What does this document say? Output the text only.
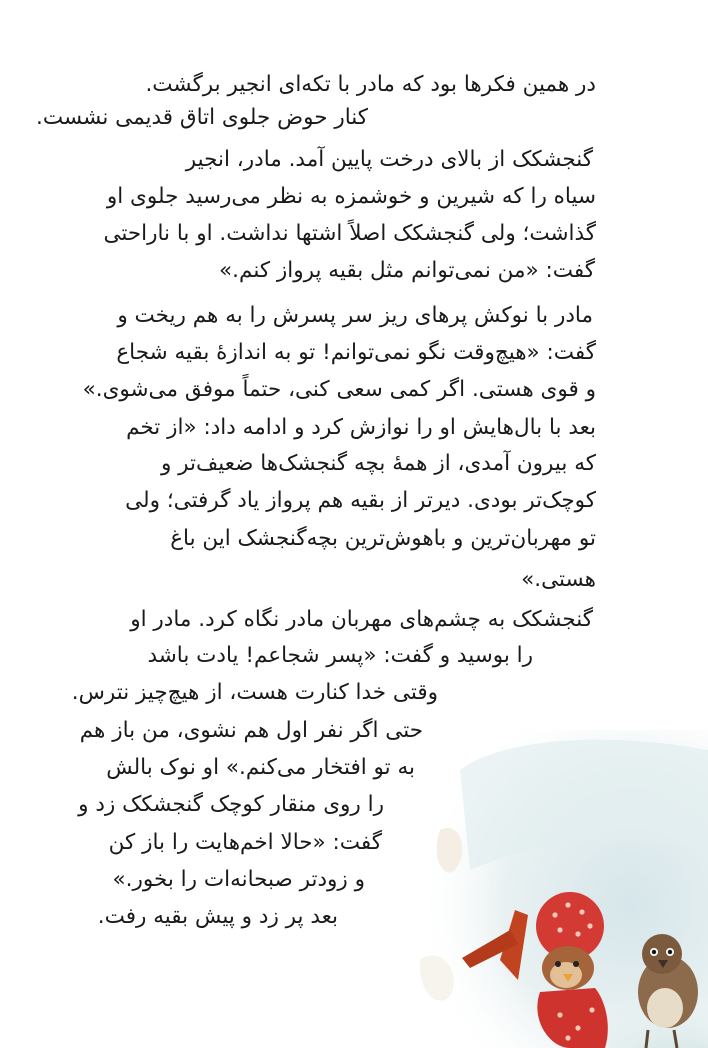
در همین فکرها بود که مادر با تکه‌ای انجیر برگشت.
کنار حوض جلوی اتاق قدیمی نشست.
گنجشکک از بالای درخت پایین آمد. مادر، انجیر
سیاه را که شیرین و خوشمزه به نظر می‌رسید جلوی او
گذاشت؛ ولی گنجشکک اصلاً اشتها نداشت. او با ناراحتی
گفت: «من نمی‌توانم مثل بقیه پرواز کنم.»
مادر با نوکش پرهای ریز سر پسرش را به هم ریخت و
گفت: «هیچ‌وقت نگو نمی‌توانم! تو به اندازهٔ بقیه شجاع
و قوی هستی. اگر کمی سعی کنی، حتماً موفق می‌شوی.»
بعد با بال‌هایش او را نوازش کرد و ادامه داد: «از تخم
که بیرون آمدی، از همهٔ بچه گنجشک‌ها ضعیف‌تر و
کوچک‌تر بودی. دیرتر از بقیه هم پرواز یاد گرفتی؛ ولی
تو مهربان‌ترین و باهوش‌ترین بچه‌گنجشک این باغ
هستی.»
گنجشکک به چشم‌های مهربان مادر نگاه کرد. مادر او
را بوسید و گفت: «پسر شجاعم! یادت باشد
وقتی خدا کنارت هست، از هیچ‌چیز نترس.
حتی اگر نفر اول هم نشوی، من باز هم
به تو افتخار می‌کنم.» او نوک بالش
را روی منقار کوچک گنجشکک زد و
گفت: «حالا اخم‌هایت را باز کن
و زودتر صبحانه‌ات را بخور.»
بعد پر زد و پیش بقیه رفت.
